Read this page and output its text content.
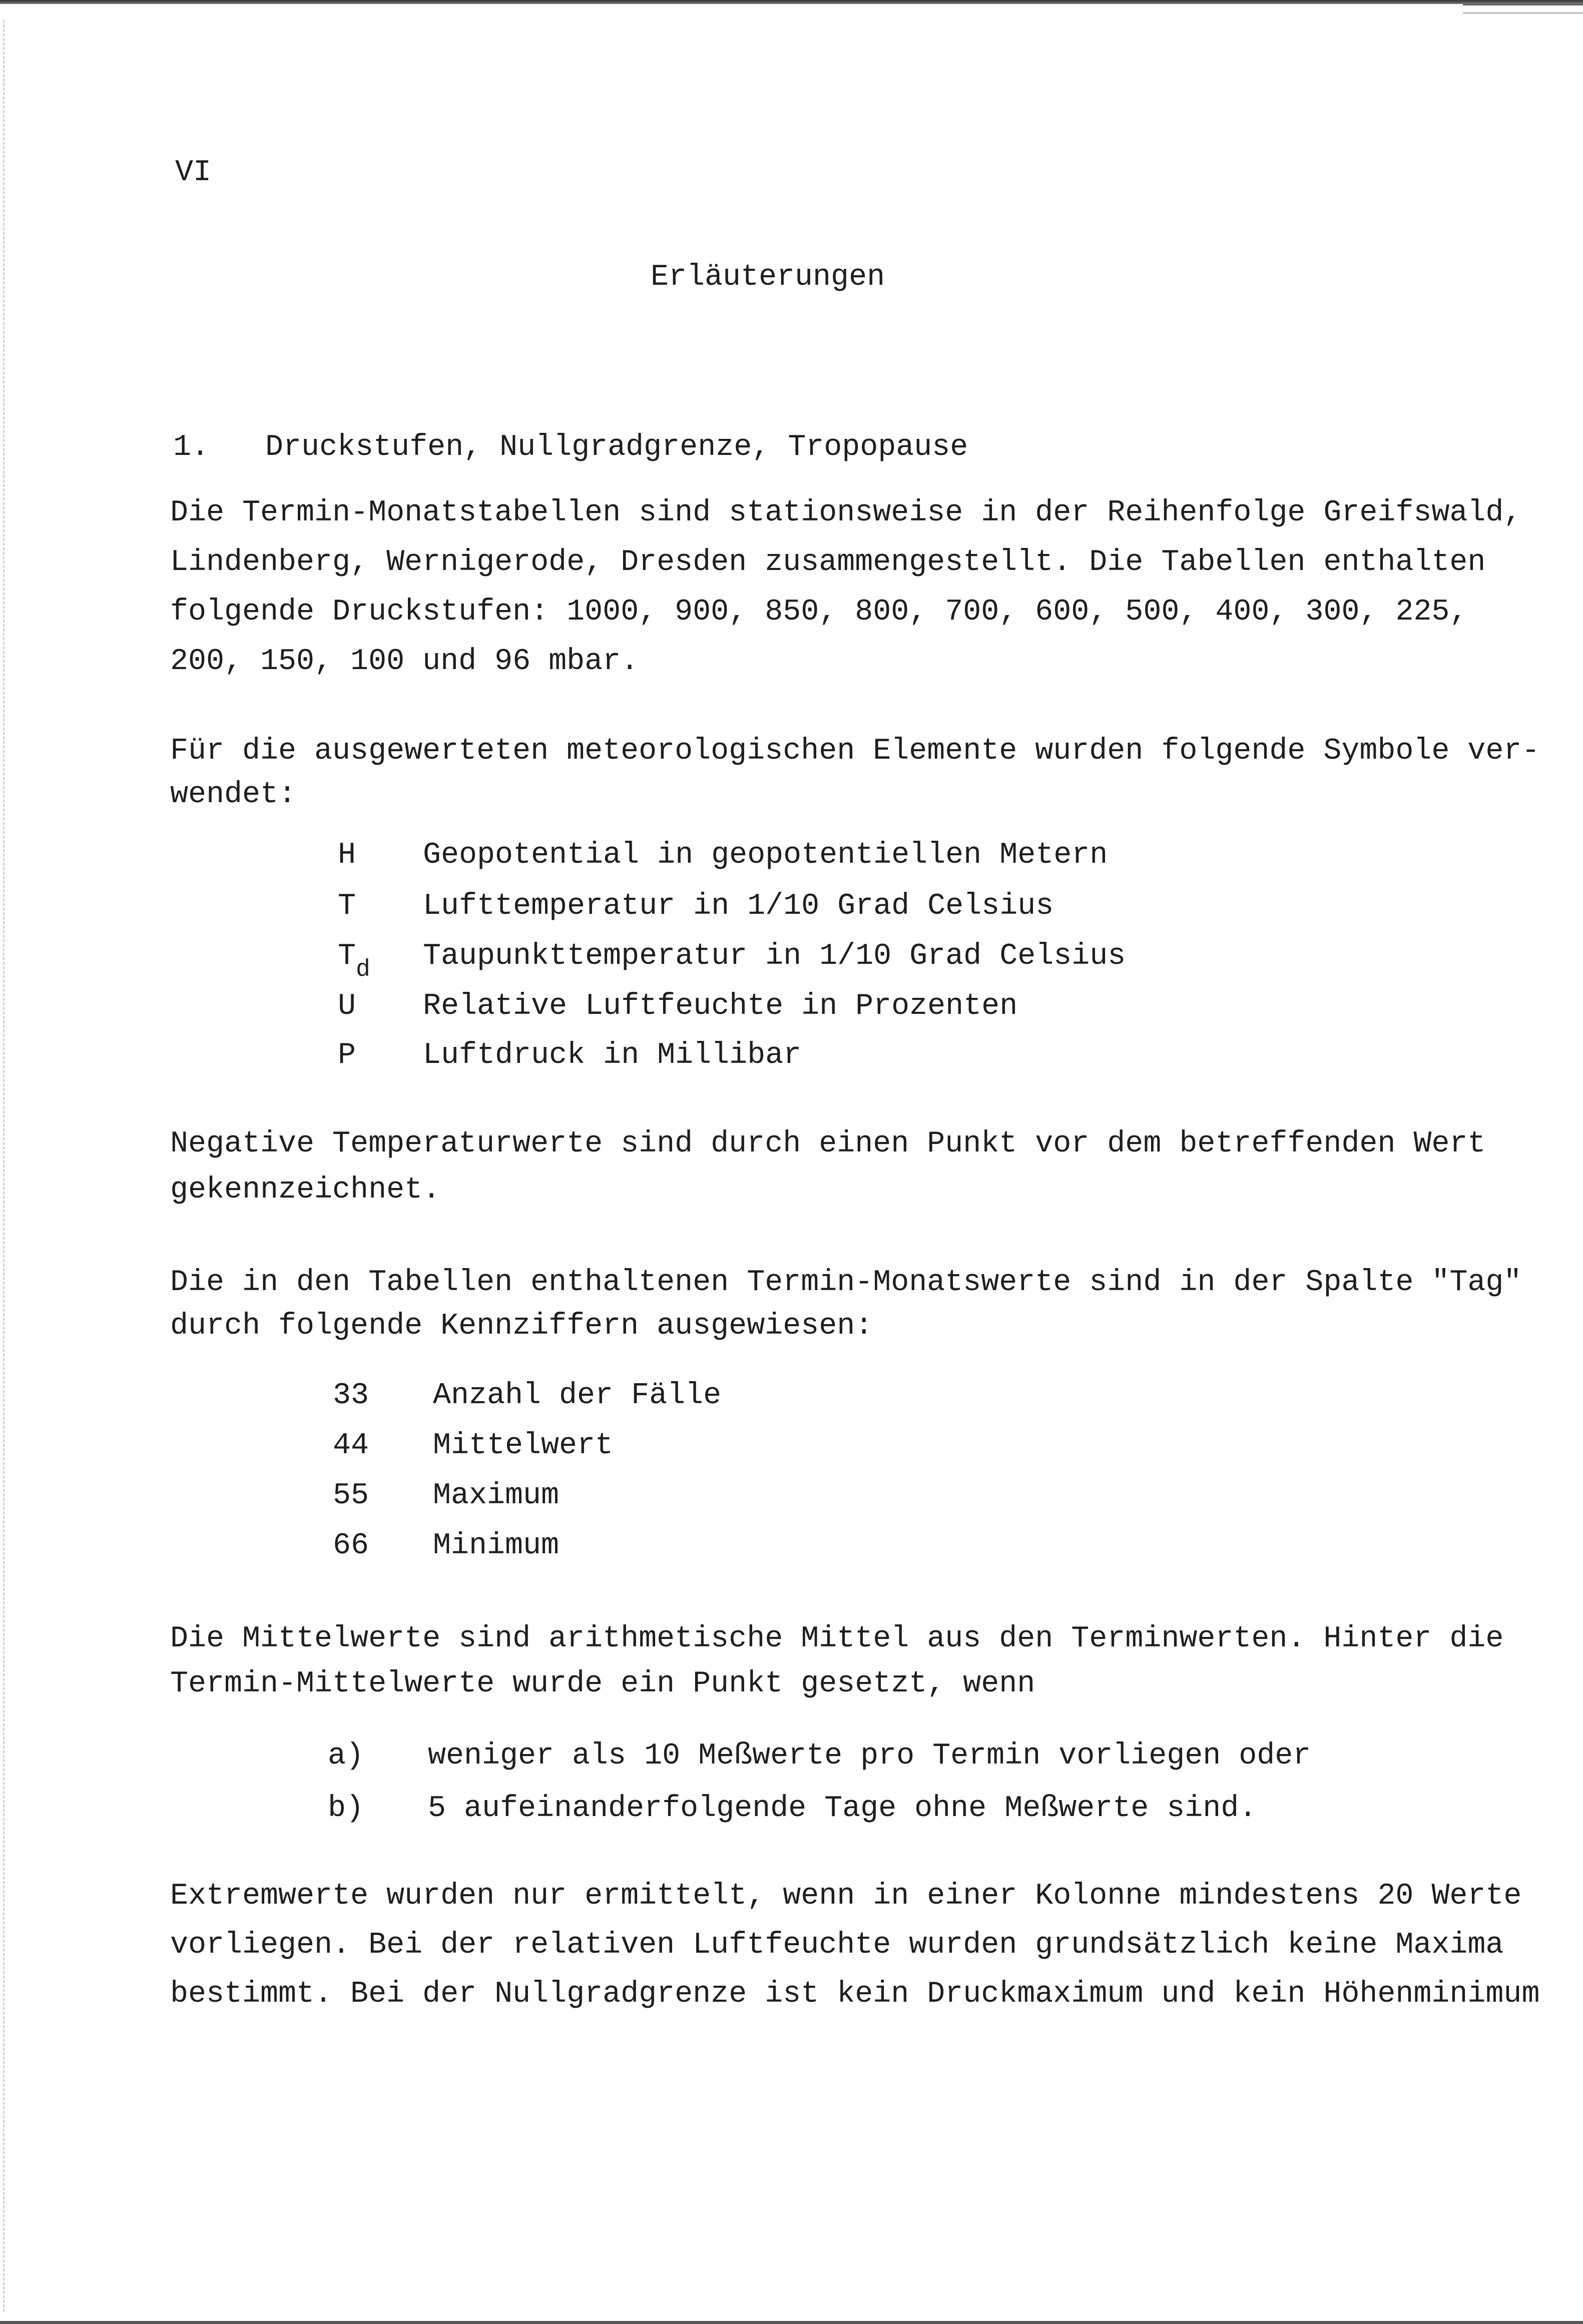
VI
Erläuterungen
1. Druckstufen, Nullgradgrenze, Tropopause
Die Termin-Monatstabellen sind stationsweise in der Reihenfolge Greifswald,
Lindenberg, Wernigerode, Dresden zusammengestellt. Die Tabellen enthalten
folgende Druckstufen: 1000, 900, 850, 800, 700, 600, 500, 400, 300, 225,
200, 150, 100 und 96 mbar.
Für die ausgewerteten meteorologischen Elemente wurden folgende Symbole ver-
wendet:
H Geopotential in geopotentiellen Metern
T Lufttemperatur in 1/10 Grad Celsius
$T_d$ Taupunkttemperatur in 1/10 Grad Celsius
U Relative Luftfeuchte in Prozenten
P Luftdruck in Millibar
Negative Temperaturwerte sind durch einen Punkt vor dem betreffenden Wert
gekennzeichnet.
Die in den Tabellen enthaltenen Termin-Monatswerte sind in der Spalte "Tag"
durch folgende Kennziffern ausgewiesen:
33 Anzahl der Fälle
44 Mittelwert
55 Maximum
66 Minimum
Die Mittelwerte sind arithmetische Mittel aus den Terminwerten. Hinter die
Termin-Mittelwerte wurde ein Punkt gesetzt, wenn
a) weniger als 10 Meßwerte pro Termin vorliegen oder
b) 5 aufeinanderfolgende Tage ohne Meßwerte sind.
Extremwerte wurden nur ermittelt, wenn in einer Kolonne mindestens 20 Werte
vorliegen. Bei der relativen Luftfeuchte wurden grundsätzlich keine Maxima
bestimmt. Bei der Nullgradgrenze ist kein Druckmaximum und kein Höhenminimum
